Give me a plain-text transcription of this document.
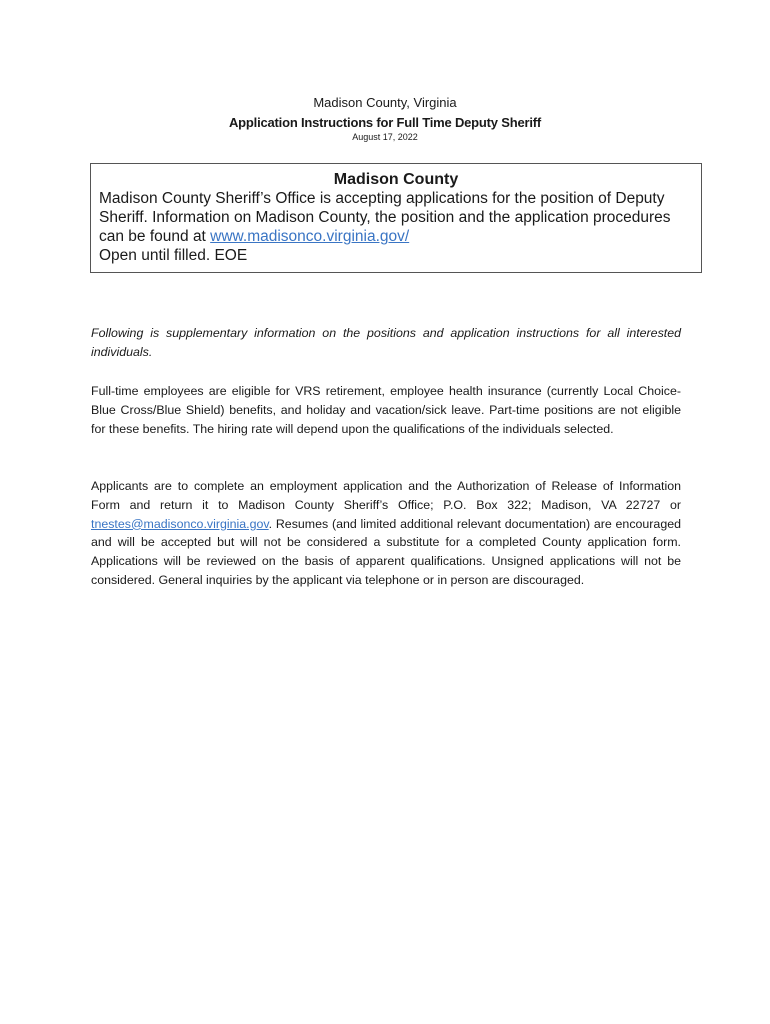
Madison County, Virginia
Application Instructions for Full Time Deputy Sheriff
August 17, 2022
Madison County
Madison County Sheriff’s Office is accepting applications for the position of Deputy Sheriff. Information on Madison County, the position and the application procedures can be found at www.madisonco.virginia.gov/
Open until filled. EOE
Following is supplementary information on the positions and application instructions for all interested individuals.
Full-time employees are eligible for VRS retirement, employee health insurance (currently Local Choice-Blue Cross/Blue Shield) benefits, and holiday and vacation/sick leave. Part-time positions are not eligible for these benefits. The hiring rate will depend upon the qualifications of the individuals selected.
Applicants are to complete an employment application and the Authorization of Release of Information Form and return it to Madison County Sheriff’s Office; P.O. Box 322; Madison, VA 22727 or tnestes@madisonco.virginia.gov. Resumes (and limited additional relevant documentation) are encouraged and will be accepted but will not be considered a substitute for a completed County application form. Applications will be reviewed on the basis of apparent qualifications. Unsigned applications will not be considered. General inquiries by the applicant via telephone or in person are discouraged.
